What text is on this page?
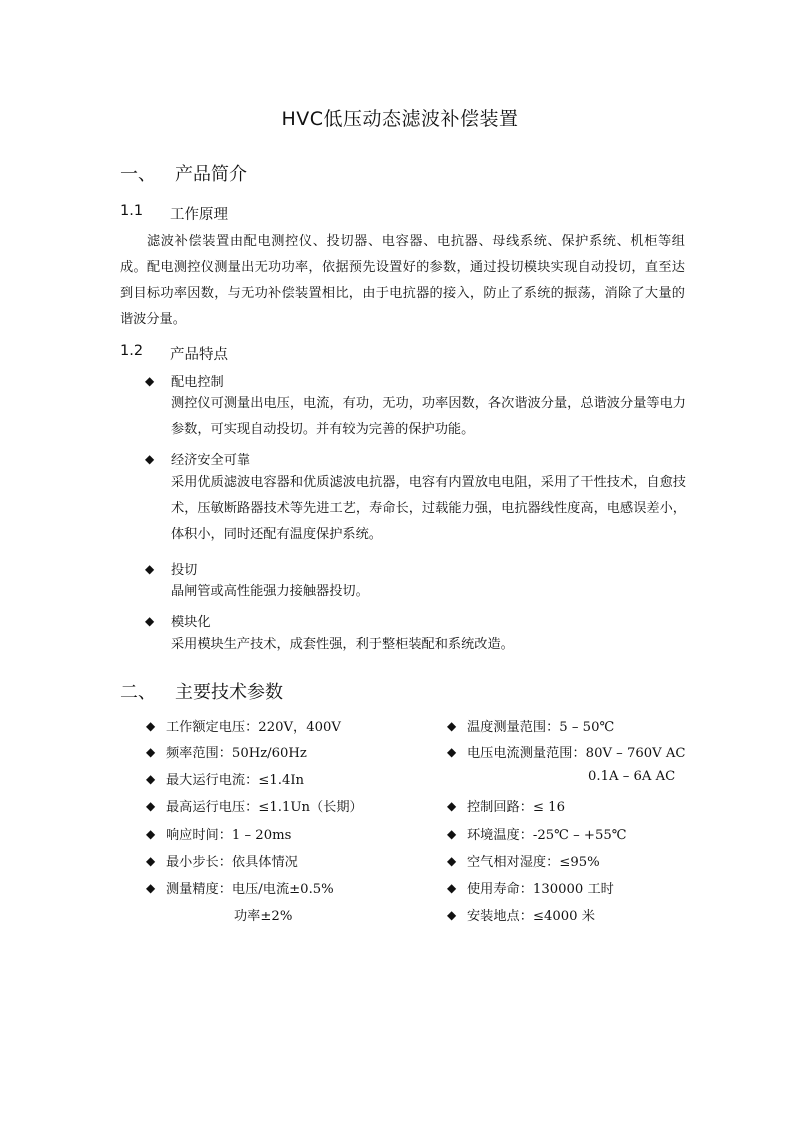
HVC低压动态滤波补偿装置
一、	产品简介
1.1	工作原理
滤波补偿装置由配电测控仪、投切器、电容器、电抗器、母线系统、保护系统、机柜等组成。配电测控仪测量出无功功率，依据预先设置好的参数，通过投切模块实现自动投切，直至达到目标功率因数，与无功补偿装置相比，由于电抗器的接入，防止了系统的振荡，消除了大量的谐波分量。
1.2	产品特点
◆	配电控制
测控仪可测量出电压，电流，有功，无功，功率因数，各次谐波分量，总谐波分量等电力参数，可实现自动投切。并有较为完善的保护功能。
◆	经济安全可靠
采用优质滤波电容器和优质滤波电抗器，电容有内置放电电阻，采用了干性技术，自愈技术，压敏断路器技术等先进工艺，寿命长，过载能力强，电抗器线性度高，电感误差小，体积小，同时还配有温度保护系统。
◆	投切
晶闸管或高性能强力接触器投切。
◆	模块化
采用模块生产技术，成套性强，利于整柜装配和系统改造。
二、	主要技术参数
◆ 工作额定电压：220V，400V
◆ 频率范围：50Hz/60Hz
◆ 最大运行电流：≤1.4In
◆ 最高运行电压：≤1.1Un（长期）
◆ 响应时间：1 – 20ms
◆ 最小步长：依具体情况
◆ 测量精度：电压/电流±0.5%
功率±2%
◆ 温度测量范围：5 – 50℃
◆ 电压电流测量范围：80V – 760V AC
0.1A – 6A AC
◆ 控制回路：≤ 16
◆ 环境温度：-25℃ – +55℃
◆ 空气相对湿度：≤95%
◆ 使用寿命：130000 工时
◆ 安装地点：≤4000 米
